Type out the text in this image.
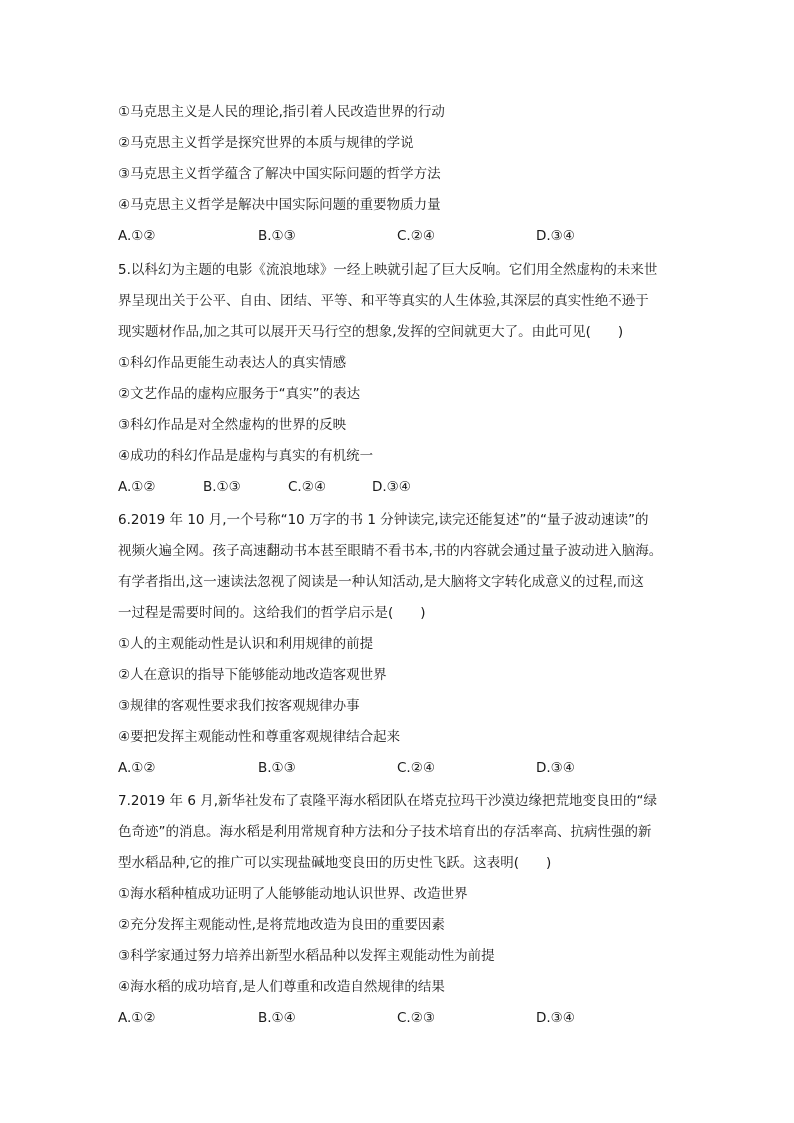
①马克思主义是人民的理论,指引着人民改造世界的行动
②马克思主义哲学是探究世界的本质与规律的学说
③马克思主义哲学蕴含了解决中国实际问题的哲学方法
④马克思主义哲学是解决中国实际问题的重要物质力量
A.①②	B.①③	C.②④	D.③④
5.以科幻为主题的电影《流浪地球》一经上映就引起了巨大反响。它们用全然虚构的未来世
界呈现出关于公平、自由、团结、平等、和平等真实的人生体验,其深层的真实性绝不逊于
现实题材作品,加之其可以展开天马行空的想象,发挥的空间就更大了。由此可见(　　)
①科幻作品更能生动表达人的真实情感
②文艺作品的虚构应服务于“真实”的表达
③科幻作品是对全然虚构的世界的反映
④成功的科幻作品是虚构与真实的有机统一
A.①②	B.①③	C.②④	D.③④
6.2019 年 10 月,一个号称“10 万字的书 1 分钟读完,读完还能复述”的“量子波动速读”的
视频火遍全网。孩子高速翻动书本甚至眼睛不看书本,书的内容就会通过量子波动进入脑海。
有学者指出,这一速读法忽视了阅读是一种认知活动,是大脑将文字转化成意义的过程,而这
一过程是需要时间的。这给我们的哲学启示是(　　)
①人的主观能动性是认识和利用规律的前提
②人在意识的指导下能够能动地改造客观世界
③规律的客观性要求我们按客观规律办事
④要把发挥主观能动性和尊重客观规律结合起来
A.①②	B.①③	C.②④	D.③④
7.2019 年 6 月,新华社发布了袁隆平海水稻团队在塔克拉玛干沙漠边缘把荒地变良田的“绿
色奇迹”的消息。海水稻是利用常规育种方法和分子技术培育出的存活率高、抗病性强的新
型水稻品种,它的推广可以实现盐碱地变良田的历史性飞跃。这表明(　　)
①海水稻种植成功证明了人能够能动地认识世界、改造世界
②充分发挥主观能动性,是将荒地改造为良田的重要因素
③科学家通过努力培养出新型水稻品种以发挥主观能动性为前提
④海水稻的成功培育,是人们尊重和改造自然规律的结果
A.①②	B.①④	C.②③	D.③④
